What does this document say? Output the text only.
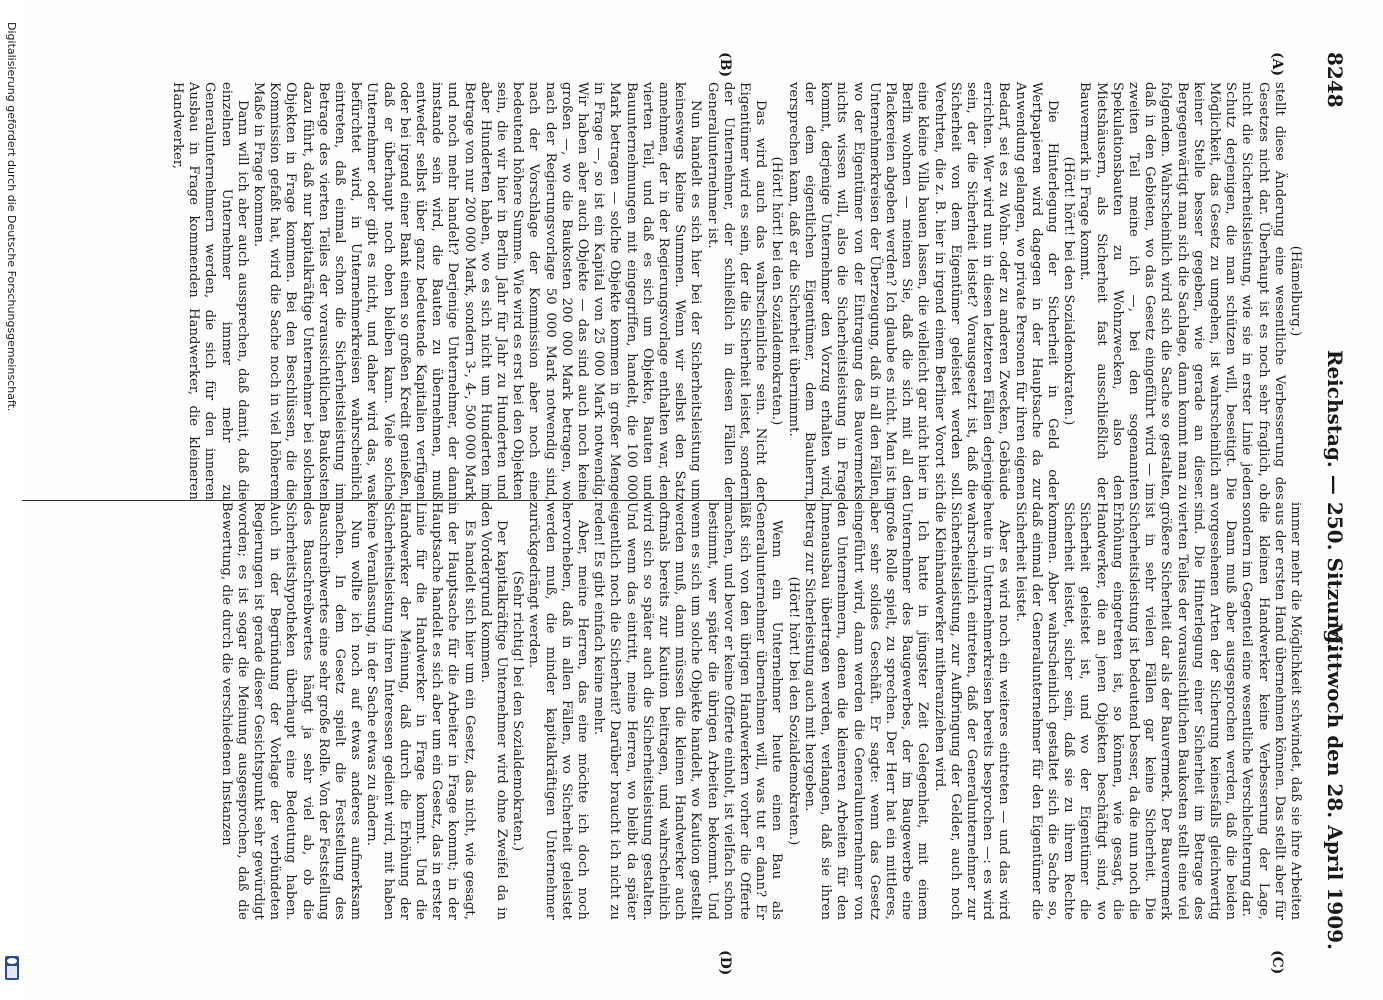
8248
Reichstag. — 250. Sitzung.
Mittwoch den 28. April 1909.
(A)
(B)
(C)
(D)

(Hämelburg.)

stellt diese Änderung eine wesentliche Verbesserung des Gesetzes nicht dar. Überhaupt ist es noch sehr fraglich, ob nicht die Sicherheitsleistung, wie sie in erster Linie jeden Schutz derjenigen, die man schützen will, beseitigt. Die Möglichkeit, das Gesetz zu umgehen, ist wahrscheinlich an keiner Stelle besser gegeben, wie gerade an dieser. Bergegenwärtigt man sich die Sachlage, dann kommt man zu folgendem. Wahrscheinlich wird sich die Sache so gestalten, daß in den Gebieten, wo das Gesetz eingeführt wird — im zweiten Teil meine ich —, bei den sogenannten Spekulationsbauten zu Wohnzwecken, also den Mietshäusern, als Sicherheit fast ausschließlich der Bauvermerk in Frage kommt.

(Hört! hört! bei den Sozialdemokraten.)

Die Hinterlegung der Sicherheit in Geld oder Wertpapieren wird dagegen in der Hauptsache da zur Anwendung gelangen, wo private Personen für ihren eigenen Bedarf, sei es zu Wohn- oder zu anderen Zwecken, Gebäude errichten. Wer wird nun in diesen letzteren Fällen derjenige sein, der die Sicherheit leistet? Vorausgesetzt ist, daß die Sicherheit von dem Eigentümer geleistet werden soll. Verehrten, die z. B. hier in irgend einem Berliner Vorort sich eine kleine Villa bauen lassen, die vielleicht gar nicht hier in Berlin wohnen — meinen Sie, daß die sich mit all den Plackereien abgeben werden? Ich glaube es nicht. Man ist in Unternehmerkreisen der Überzeugung, daß in all den Fällen, wo der Eigentümer von der Eintragung des Bauvermerks nichts wissen will, also die Sicherheitsleistung in Frage kommt, derjenige Unternehmer den Vorzug erhalten wird, der dem eigentlichen Eigentümer, dem Bauherrn, versprechen kann, daß er die Sicherheit übernimmt.

(Hört! hört! bei den Sozialdemokraten.)

Das wird auch das wahrscheinliche sein. Nicht der Eigentümer wird es sein, der die Sicherheit leistet, sondern der Unternehmer, der schließlich in diesen Fällen der Generalunternehmer ist.

Nun handelt es sich hier bei der Sicherheitsleistung um keineswegs kleine Summen. Wenn wir selbst den Satz annehmen, der in der Regierungsvorlage enthalten war, den vierten Teil, und daß es sich um Objekte, Bauten und Bauunternehmungen mit eingegriffen, handelt, die 100 000 Mark betragen — solche Objekte kommen in großer Menge in Frage —, so ist ein Kapital von 25 000 Mark notwendig. Wir haben aber auch Objekte — das sind auch noch keine großen —, wo die Baukosten 200 000 Mark betragen, wo nach der Regierungsvorlage 50 000 Mark notwendig sind, nach der Vorschlage der Kommission aber noch eine bedeutend höhere Summe. Wie wird es erst bei den Objekten sein, die wir hier in Berlin Jahr für Jahr zu Hunderten und aber Hunderten haben, wo es sich nicht um Hunderten im Betrage von nur 200 000 Mark, sondern 3-, 4-, 500 000 Mark und noch mehr handelt? Derjenige Unternehmer, der dann imstande sein wird, die Bauten zu übernehmen, muß entweder selbst über ganz bedeutende Kapitalien verfügen oder bei irgend einer Bank einen so großen Kredit genießen, daß er überhaupt noch oben bleiben kann. Viele solche Unternehmer oder gibt es nicht, und daher wird das, was befürchtet wird, in Unternehmerkreisen wahrscheinlich eintreten, daß einmal schon die Sicherheitsleistung im Betrage des vierten Teiles der voraussichtlichen Baukosten dazu führt, daß nur kapitalkräftige Unternehmer bei solchen Objekten in Frage kommen. Bei den Beschlüssen, die die Kommission gefaßt hat, wird die Sache noch in viel höherem Maße in Frage kommen.

Dann will ich aber auch aussprechen, daß damit, daß die einzelnen Unternehmer immer mehr zu Generalunternehmern werden, die sich für den inneren Ausbau in Frage kommenden Handwerker, die kleineren Handwerker,

immer mehr die Möglichkeit schwindet, daß sie ihre Arbeiten aus der ersten Hand übernehmen können. Das stellt aber für die kleinen Handwerker keine Verbesserung der Lage, sondern im Gegenteil eine wesentliche Verschlechterung dar.

Dann muß aber ausgesprochen werden, daß die beiden vorgesehenen Arten der Sicherung keinesfalls gleichwertig sind. Die Hinterlegung einer Sicherheit im Betrage des vierten Teiles der voraussichtlichen Baukosten stellt eine viel größere Sicherheit dar als der Bauvermerk. Der Bauvermerk ist in sehr vielen Fällen gar keine Sicherheit. Die Sicherheitsleistung ist bedeutend besser, da die nun noch die Erhöhung eingetreten ist, so können, wie gesagt, die Handwerker, die an jenen Objekten beschäftigt sind, wo Sicherheit geleistet ist, und wo der Eigentümer die Sicherheit leistet, sicher sein, daß sie zu ihrem Rechte kommen. Aber wahrscheinlich gestaltet sich die Sache so, daß einmal der Generalunternehmer für den Eigentümer die Sicherheit leistet.

Aber es wird noch ein weiteres eintreten — und das wird heute in Unternehmerkreisen bereits besprochen —: es wird wahrscheinlich eintreten, daß der Generalunternehmer zur Sicherheitsleistung, zur Aufbringung der Gelder, auch noch die Kleinhandwerker mitheranziehen wird.

Ich hatte in jüngster Zeit Gelegenheit, mit einem Unternehmer des Baugewerbes, der im Baugewerbe eine große Rolle spielt, zu sprechen. Der Herr hat ein mittleres, aber sehr solides Geschäft. Er sagte: wenn das Gesetz eingeführt wird, dann werden die Generalunternehmer von den Unternehmern, denen die kleineren Arbeiten für den Innenausbau übertragen werden, verlangen, daß sie ihren Betrag zur Sicherleistung auch mit hergeben.

(Hört! hört! bei den Sozialdemokraten.)

Wenn ein Unternehmer heute einen Bau als Generalunternehmer übernehmen will, was tut er dann? Er läßt sich von den übrigen Handwerkern vorher die Offerte machen, und bevor er keine Offerte einholt, ist vielfach schon bestimmt, wer später die übrigen Arbeiten bekommt. Und wenn es sich um solche Objekte handelt, wo Kaution gestellt werden muß, dann müssen die kleinen Handwerker auch oftmals bereits zur Kaution beitragen, und wahrscheinlich wird sich so später auch die Sicherheitsleistung gestalten. Und wenn das eintritt, meine Herren, wo bleibt da später eigentlich noch die Sicherheit? Darüber braucht ich nicht zu reden! Es gibt einfach keine mehr.

Aber, meine Herren, das eine möchte ich doch noch hervorheben, daß in allen Fällen, wo Sicherheit geleistet werden muß, die minder kapitalkräftigen Unternehmer zurückgedrängt werden.

(Sehr richtig! bei den Sozialdemokraten.)

Der kapitalkräftige Unternehmer wird ohne Zweifel da in den Vordergrund kommen.

Es handelt sich hier um ein Gesetz, das nicht, wie gesagt, in der Hauptsache für die Arbeiter in Frage kommt; in der Hauptsache handelt es sich aber um ein Gesetz, das in erster Linie für die Handwerker in Frage kommt. Und die Handwerker der Meinung, daß durch die Erhöhung der Sicherheitsleistung ihren Interessen gedient wird, mit haben keine Veranlassung, in der Sache etwas zu ändern.

Nun wollte ich noch auf etwas anderes aufmerksam machen. In dem Gesetz spielt die Feststellung des Bauschreibwertes eine sehr große Rolle. Von der Feststellung des Bauschreibwertes hängt ja sehr viel ab, ob die Sicherheitshypotheken überhaupt eine Bedeutung haben. Auch in der Begründung der Vorlage der verbündeten Regierungen ist gerade dieser Gesichtspunkt sehr gewürdigt worden; es ist sogar die Meinung ausgesprochen, daß die Bewertung, die durch die verschiedenen Instanzen

Digitalisierung gefördert durch die Deutsche Forschungsgemeinschaft.
